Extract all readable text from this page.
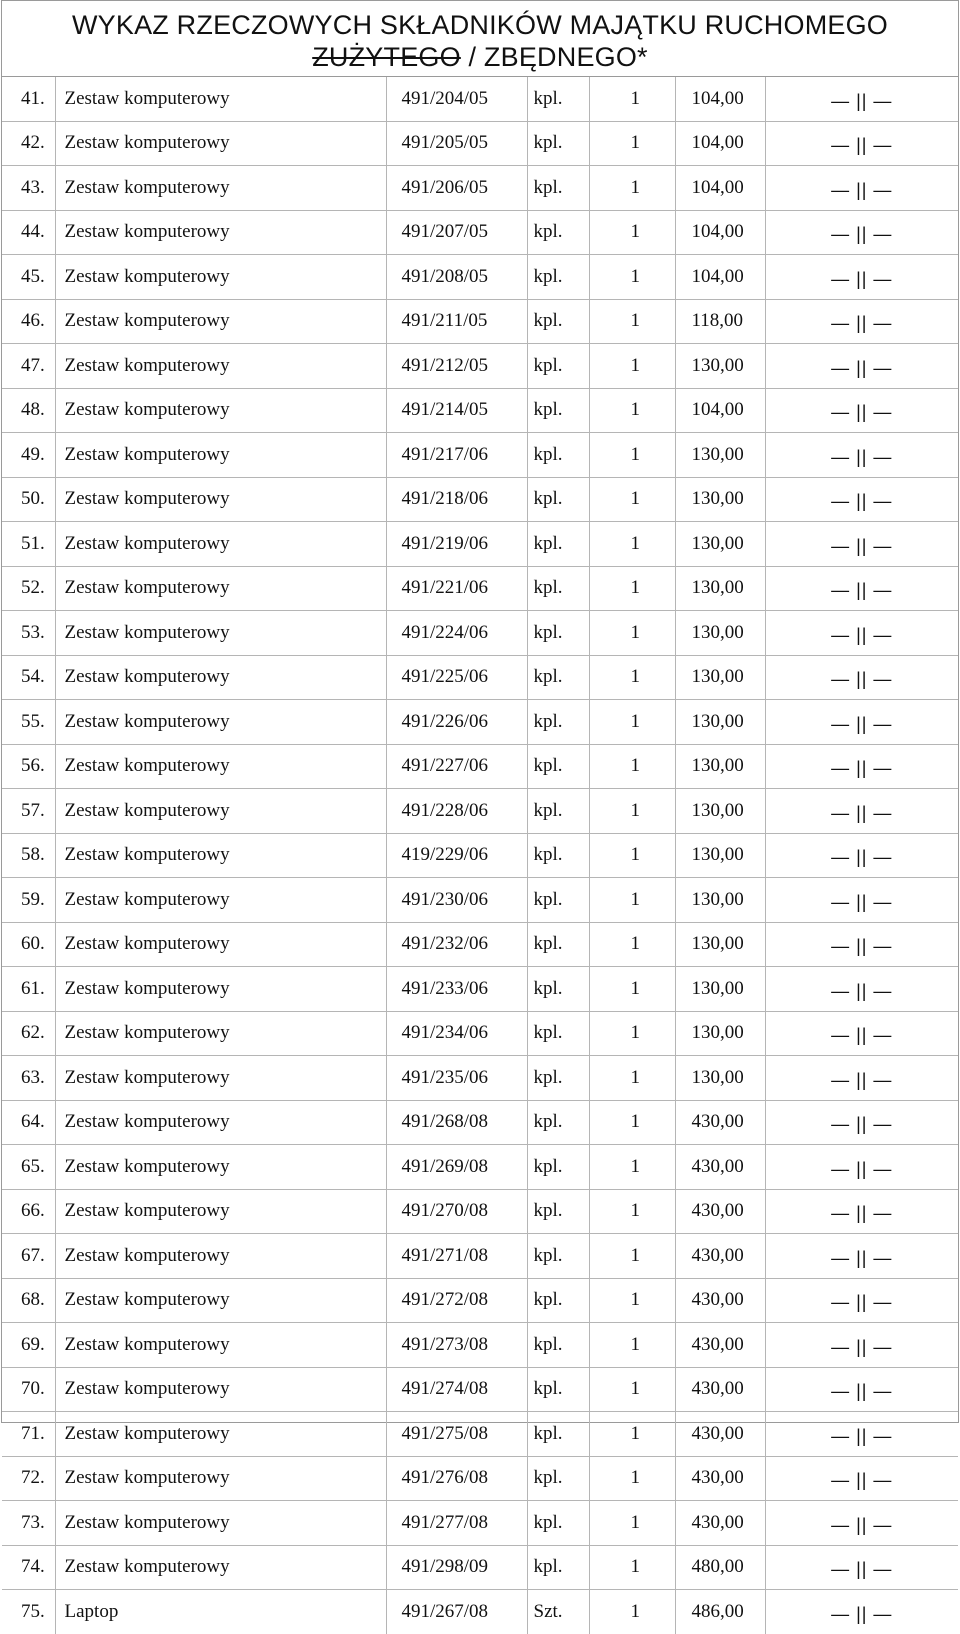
WYKAZ RZECZOWYCH SKŁADNIKÓW MAJĄTKU RUCHOMEGO
ZUŻYTEGO / ZBĘDNEGO*
41.	Zestaw komputerowy	491/204/05	kpl.	1	104,00	— || —
42.	Zestaw komputerowy	491/205/05	kpl.	1	104,00	— || —
43.	Zestaw komputerowy	491/206/05	kpl.	1	104,00	— || —
44.	Zestaw komputerowy	491/207/05	kpl.	1	104,00	— || —
45.	Zestaw komputerowy	491/208/05	kpl.	1	104,00	— || —
46.	Zestaw komputerowy	491/211/05	kpl.	1	118,00	— || —
47.	Zestaw komputerowy	491/212/05	kpl.	1	130,00	— || —
48.	Zestaw komputerowy	491/214/05	kpl.	1	104,00	— || —
49.	Zestaw komputerowy	491/217/06	kpl.	1	130,00	— || —
50.	Zestaw komputerowy	491/218/06	kpl.	1	130,00	— || —
51.	Zestaw komputerowy	491/219/06	kpl.	1	130,00	— || —
52.	Zestaw komputerowy	491/221/06	kpl.	1	130,00	— || —
53.	Zestaw komputerowy	491/224/06	kpl.	1	130,00	— || —
54.	Zestaw komputerowy	491/225/06	kpl.	1	130,00	— || —
55.	Zestaw komputerowy	491/226/06	kpl.	1	130,00	— || —
56.	Zestaw komputerowy	491/227/06	kpl.	1	130,00	— || —
57.	Zestaw komputerowy	491/228/06	kpl.	1	130,00	— || —
58.	Zestaw komputerowy	419/229/06	kpl.	1	130,00	— || —
59.	Zestaw komputerowy	491/230/06	kpl.	1	130,00	— || —
60.	Zestaw komputerowy	491/232/06	kpl.	1	130,00	— || —
61.	Zestaw komputerowy	491/233/06	kpl.	1	130,00	— || —
62.	Zestaw komputerowy	491/234/06	kpl.	1	130,00	— || —
63.	Zestaw komputerowy	491/235/06	kpl.	1	130,00	— || —
64.	Zestaw komputerowy	491/268/08	kpl.	1	430,00	— || —
65.	Zestaw komputerowy	491/269/08	kpl.	1	430,00	— || —
66.	Zestaw komputerowy	491/270/08	kpl.	1	430,00	— || —
67.	Zestaw komputerowy	491/271/08	kpl.	1	430,00	— || —
68.	Zestaw komputerowy	491/272/08	kpl.	1	430,00	— || —
69.	Zestaw komputerowy	491/273/08	kpl.	1	430,00	— || —
70.	Zestaw komputerowy	491/274/08	kpl.	1	430,00	— || —
71.	Zestaw komputerowy	491/275/08	kpl.	1	430,00	— || —
72.	Zestaw komputerowy	491/276/08	kpl.	1	430,00	— || —
73.	Zestaw komputerowy	491/277/08	kpl.	1	430,00	— || —
74.	Zestaw komputerowy	491/298/09	kpl.	1	480,00	— || —
75.	Laptop	491/267/08	Szt.	1	486,00	— || —
